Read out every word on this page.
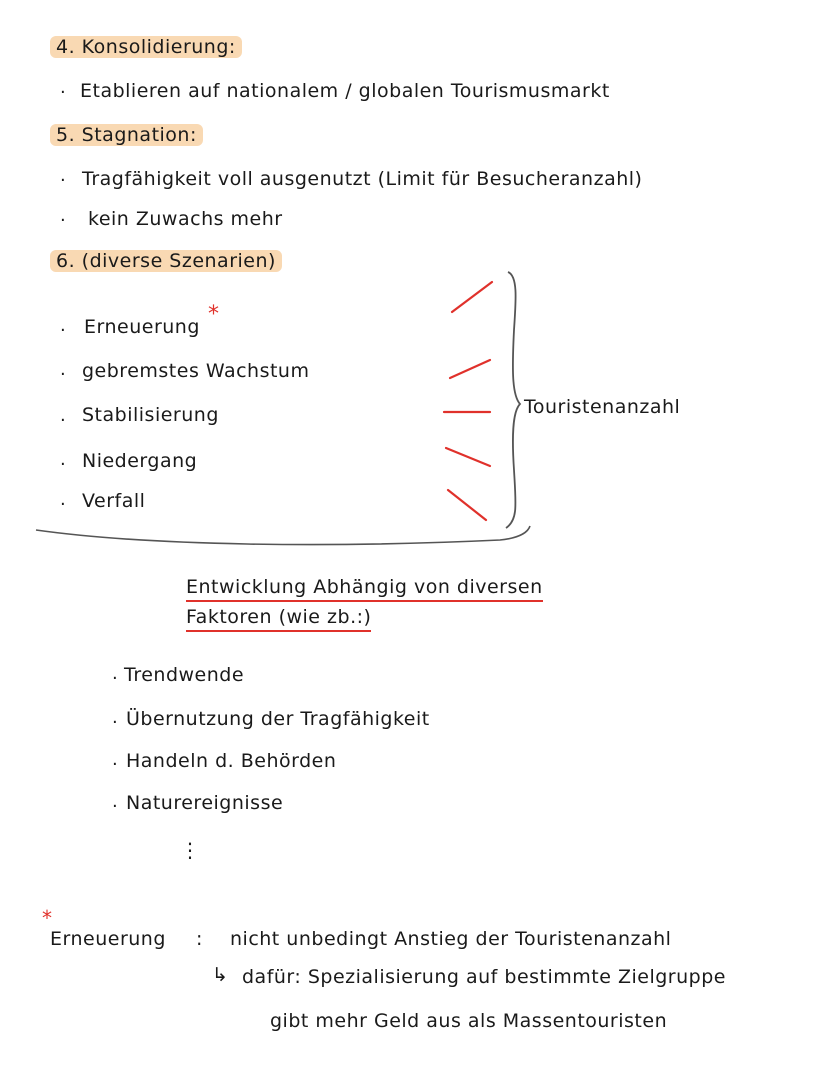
4. Konsolidierung:
· Etablieren auf nationalem / globalen Tourismusmarkt
5. Stagnation:
· Tragfähigkeit voll ausgenutzt (Limit für Besucheranzahl)
· kein Zuwachs mehr
6. (diverse Szenarien)
· Erneuerung *
· gebremstes Wachstum
· Stabilisierung
· Niedergang
· Verfall
Touristenanzahl
Entwicklung Abhängig von diversen
Faktoren (wie zb.:)
· Trendwende
· Übernutzung der Tragfähigkeit
· Handeln d. Behörden
· Naturereignisse
⋮
*
Erneuerung : nicht unbedingt Anstieg der Touristenanzahl
↳ dafür: Spezialisierung auf bestimmte Zielgruppe
gibt mehr Geld aus als Massentouristen
